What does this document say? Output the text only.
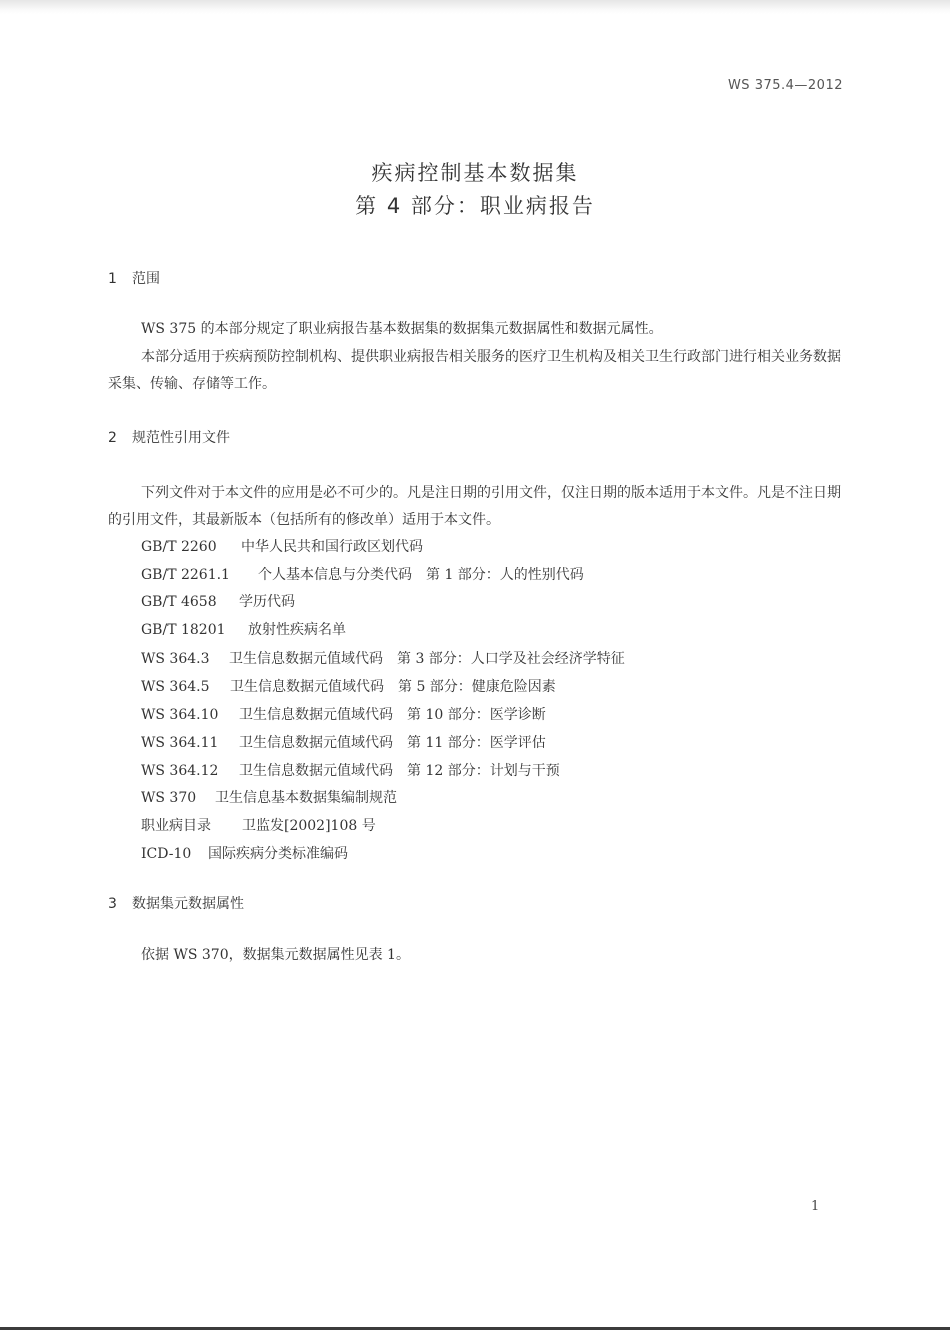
WS 375.4—2012
疾病控制基本数据集
第 4 部分：职业病报告
1 范围
WS 375 的本部分规定了职业病报告基本数据集的数据集元数据属性和数据元属性。
本部分适用于疾病预防控制机构、提供职业病报告相关服务的医疗卫生机构及相关卫生行政部门进行相关业务数据采集、传输、存储等工作。
2 规范性引用文件
下列文件对于本文件的应用是必不可少的。凡是注日期的引用文件，仅注日期的版本适用于本文件。凡是不注日期的引用文件，其最新版本（包括所有的修改单）适用于本文件。
GB/T 2260 中华人民共和国行政区划代码
GB/T 2261.1 个人基本信息与分类代码　第 1 部分：人的性别代码
GB/T 4658 学历代码
GB/T 18201 放射性疾病名单
WS 364.3 卫生信息数据元值域代码　第 3 部分：人口学及社会经济学特征
WS 364.5 卫生信息数据元值域代码　第 5 部分：健康危险因素
WS 364.10 卫生信息数据元值域代码　第 10 部分：医学诊断
WS 364.11 卫生信息数据元值域代码　第 11 部分：医学评估
WS 364.12 卫生信息数据元值域代码　第 12 部分：计划与干预
WS 370 卫生信息基本数据集编制规范
职业病目录 卫监发[2002]108 号
ICD-10 国际疾病分类标准编码
3 数据集元数据属性
依据 WS 370，数据集元数据属性见表 1。
1
